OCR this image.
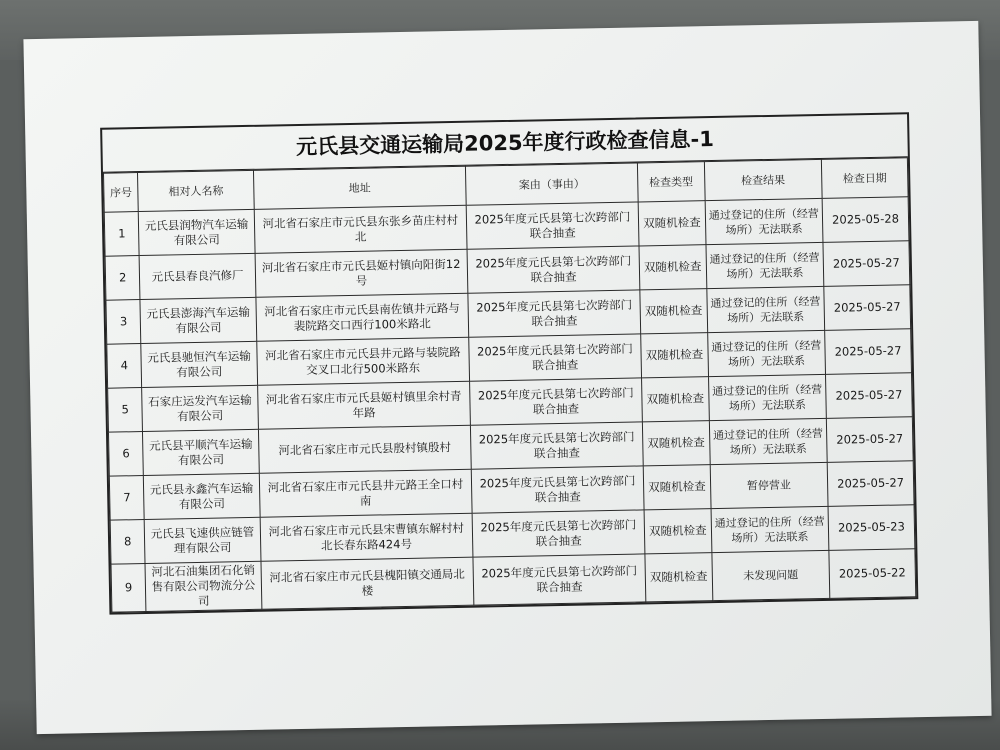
元氏县交通运输局2025年度行政检查信息-1
序号	相对人名称	地址	案由（事由）	检查类型	检查结果	检查日期
1	元氏县润物汽车运输有限公司	河北省石家庄市元氏县东张乡苗庄村村北	2025年度元氏县第七次跨部门联合抽查	双随机检查	通过登记的住所（经营场所）无法联系	2025-05-28
2	元氏县春良汽修厂	河北省石家庄市元氏县姬村镇向阳街12号	2025年度元氏县第七次跨部门联合抽查	双随机检查	通过登记的住所（经营场所）无法联系	2025-05-27
3	元氏县澎海汽车运输有限公司	河北省石家庄市元氏县南佐镇井元路与裴院路交口西行100米路北	2025年度元氏县第七次跨部门联合抽查	双随机检查	通过登记的住所（经营场所）无法联系	2025-05-27
4	元氏县驰恒汽车运输有限公司	河北省石家庄市元氏县井元路与装院路交叉口北行500米路东	2025年度元氏县第七次跨部门联合抽查	双随机检查	通过登记的住所（经营场所）无法联系	2025-05-27
5	石家庄运发汽车运输有限公司	河北省石家庄市元氏县姬村镇里余村青年路	2025年度元氏县第七次跨部门联合抽查	双随机检查	通过登记的住所（经营场所）无法联系	2025-05-27
6	元氏县平顺汽车运输有限公司	河北省石家庄市元氏县殷村镇殷村	2025年度元氏县第七次跨部门联合抽查	双随机检查	通过登记的住所（经营场所）无法联系	2025-05-27
7	元氏县永鑫汽车运输有限公司	河北省石家庄市元氏县井元路王全口村南	2025年度元氏县第七次跨部门联合抽查	双随机检查	暂停营业	2025-05-27
8	元氏县飞速供应链管理有限公司	河北省石家庄市元氏县宋曹镇东解村村北长春东路424号	2025年度元氏县第七次跨部门联合抽查	双随机检查	通过登记的住所（经营场所）无法联系	2025-05-23
9	河北石油集团石化销售有限公司物流分公司	河北省石家庄市元氏县槐阳镇交通局北楼	2025年度元氏县第七次跨部门联合抽查	双随机检查	未发现问题	2025-05-22
